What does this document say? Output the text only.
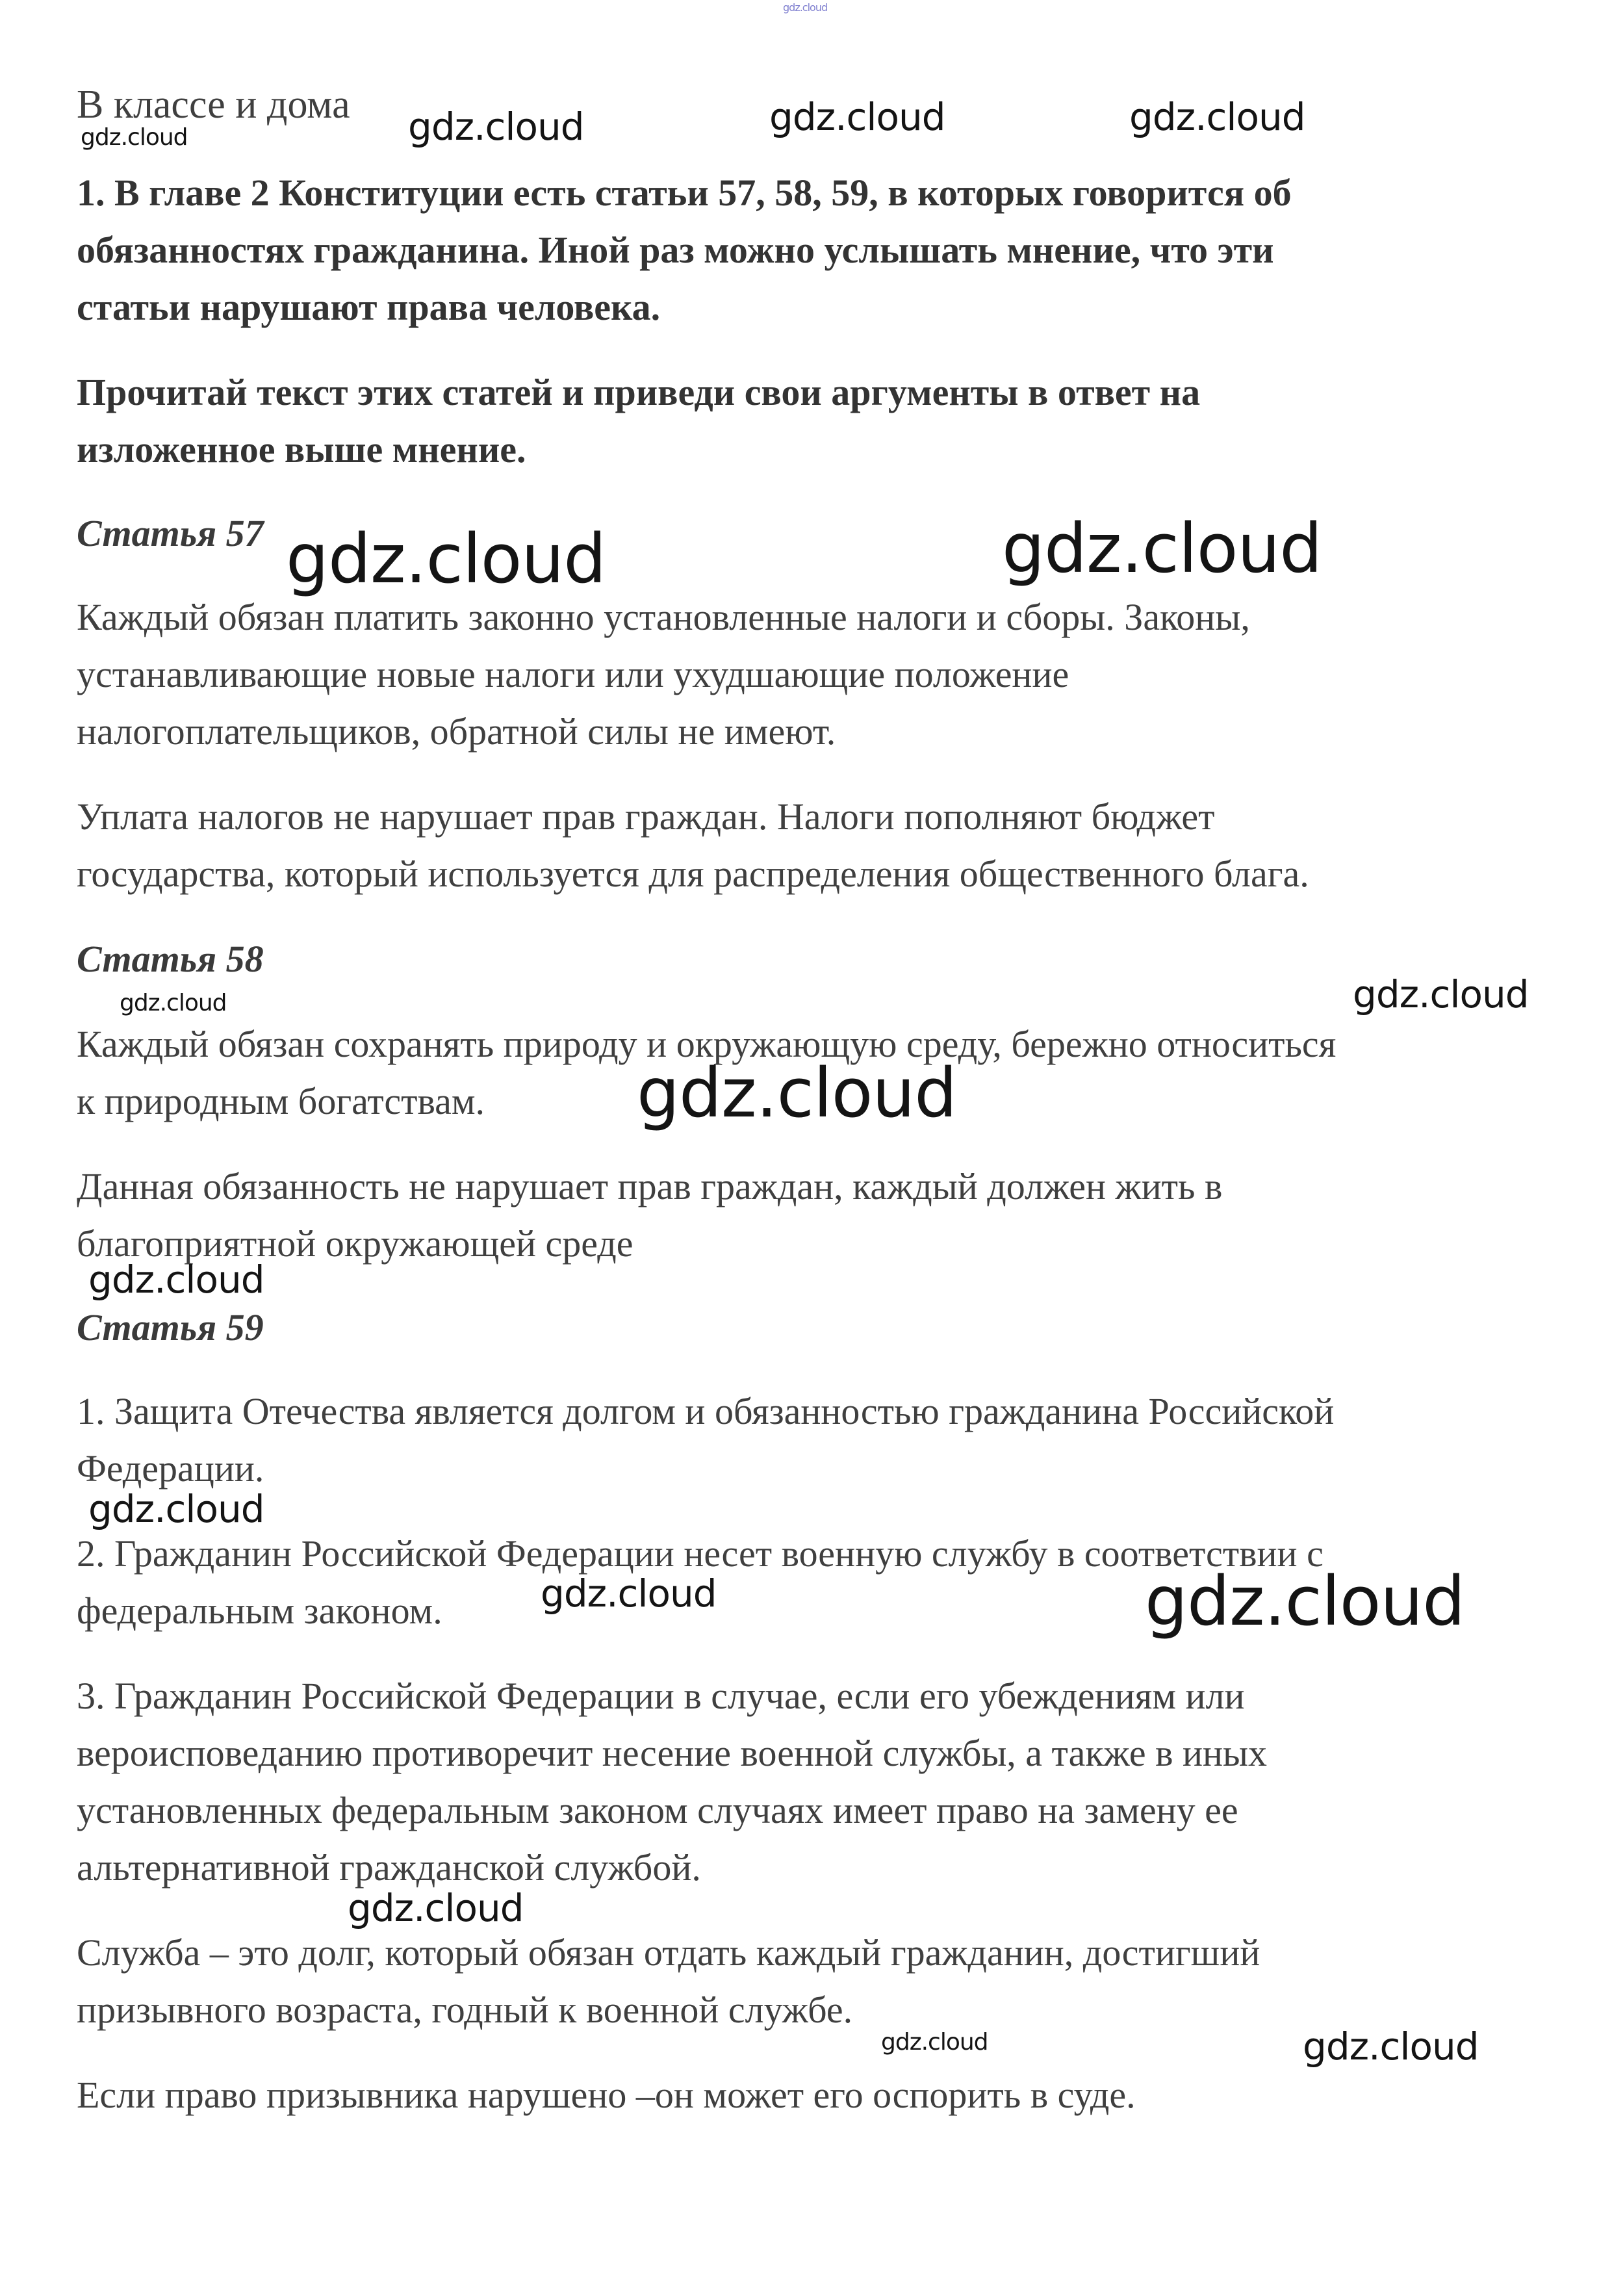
В классе и дома
1. В главе 2 Конституции есть статьи 57, 58, 59, в которых говорится об
обязанностях гражданина. Иной раз можно услышать мнение, что эти
статьи нарушают права человека.
Прочитай текст этих статей и приведи свои аргументы в ответ на
изложенное выше мнение.
Статья 57
Каждый обязан платить законно установленные налоги и сборы. Законы,
устанавливающие новые налоги или ухудшающие положение
налогоплательщиков, обратной силы не имеют.
Уплата налогов не нарушает прав граждан. Налоги пополняют бюджет
государства, который используется для распределения общественного блага.
Статья 58
Каждый обязан сохранять природу и окружающую среду, бережно относиться
к природным богатствам.
Данная обязанность не нарушает прав граждан, каждый должен жить в
благоприятной окружающей среде
Статья 59
1. Защита Отечества является долгом и обязанностью гражданина Российской
Федерации.
2. Гражданин Российской Федерации несет военную службу в соответствии с
федеральным законом.
3. Гражданин Российской Федерации в случае, если его убеждениям или
вероисповеданию противоречит несение военной службы, а также в иных
установленных федеральным законом случаях имеет право на замену ее
альтернативной гражданской службой.
Служба – это долг, который обязан отдать каждый гражданин, достигший
призывного возраста, годный к военной службе.
Если право призывника нарушено –он может его оспорить в суде.
gdz.cloud
gdz.cloud	gdz.cloud	gdz.cloud	gdz.cloud
gdz.cloud	gdz.cloud
gdz.cloud	gdz.cloud
gdz.cloud
gdz.cloud
gdz.cloud
gdz.cloud	gdz.cloud
gdz.cloud
gdz.cloud	gdz.cloud
